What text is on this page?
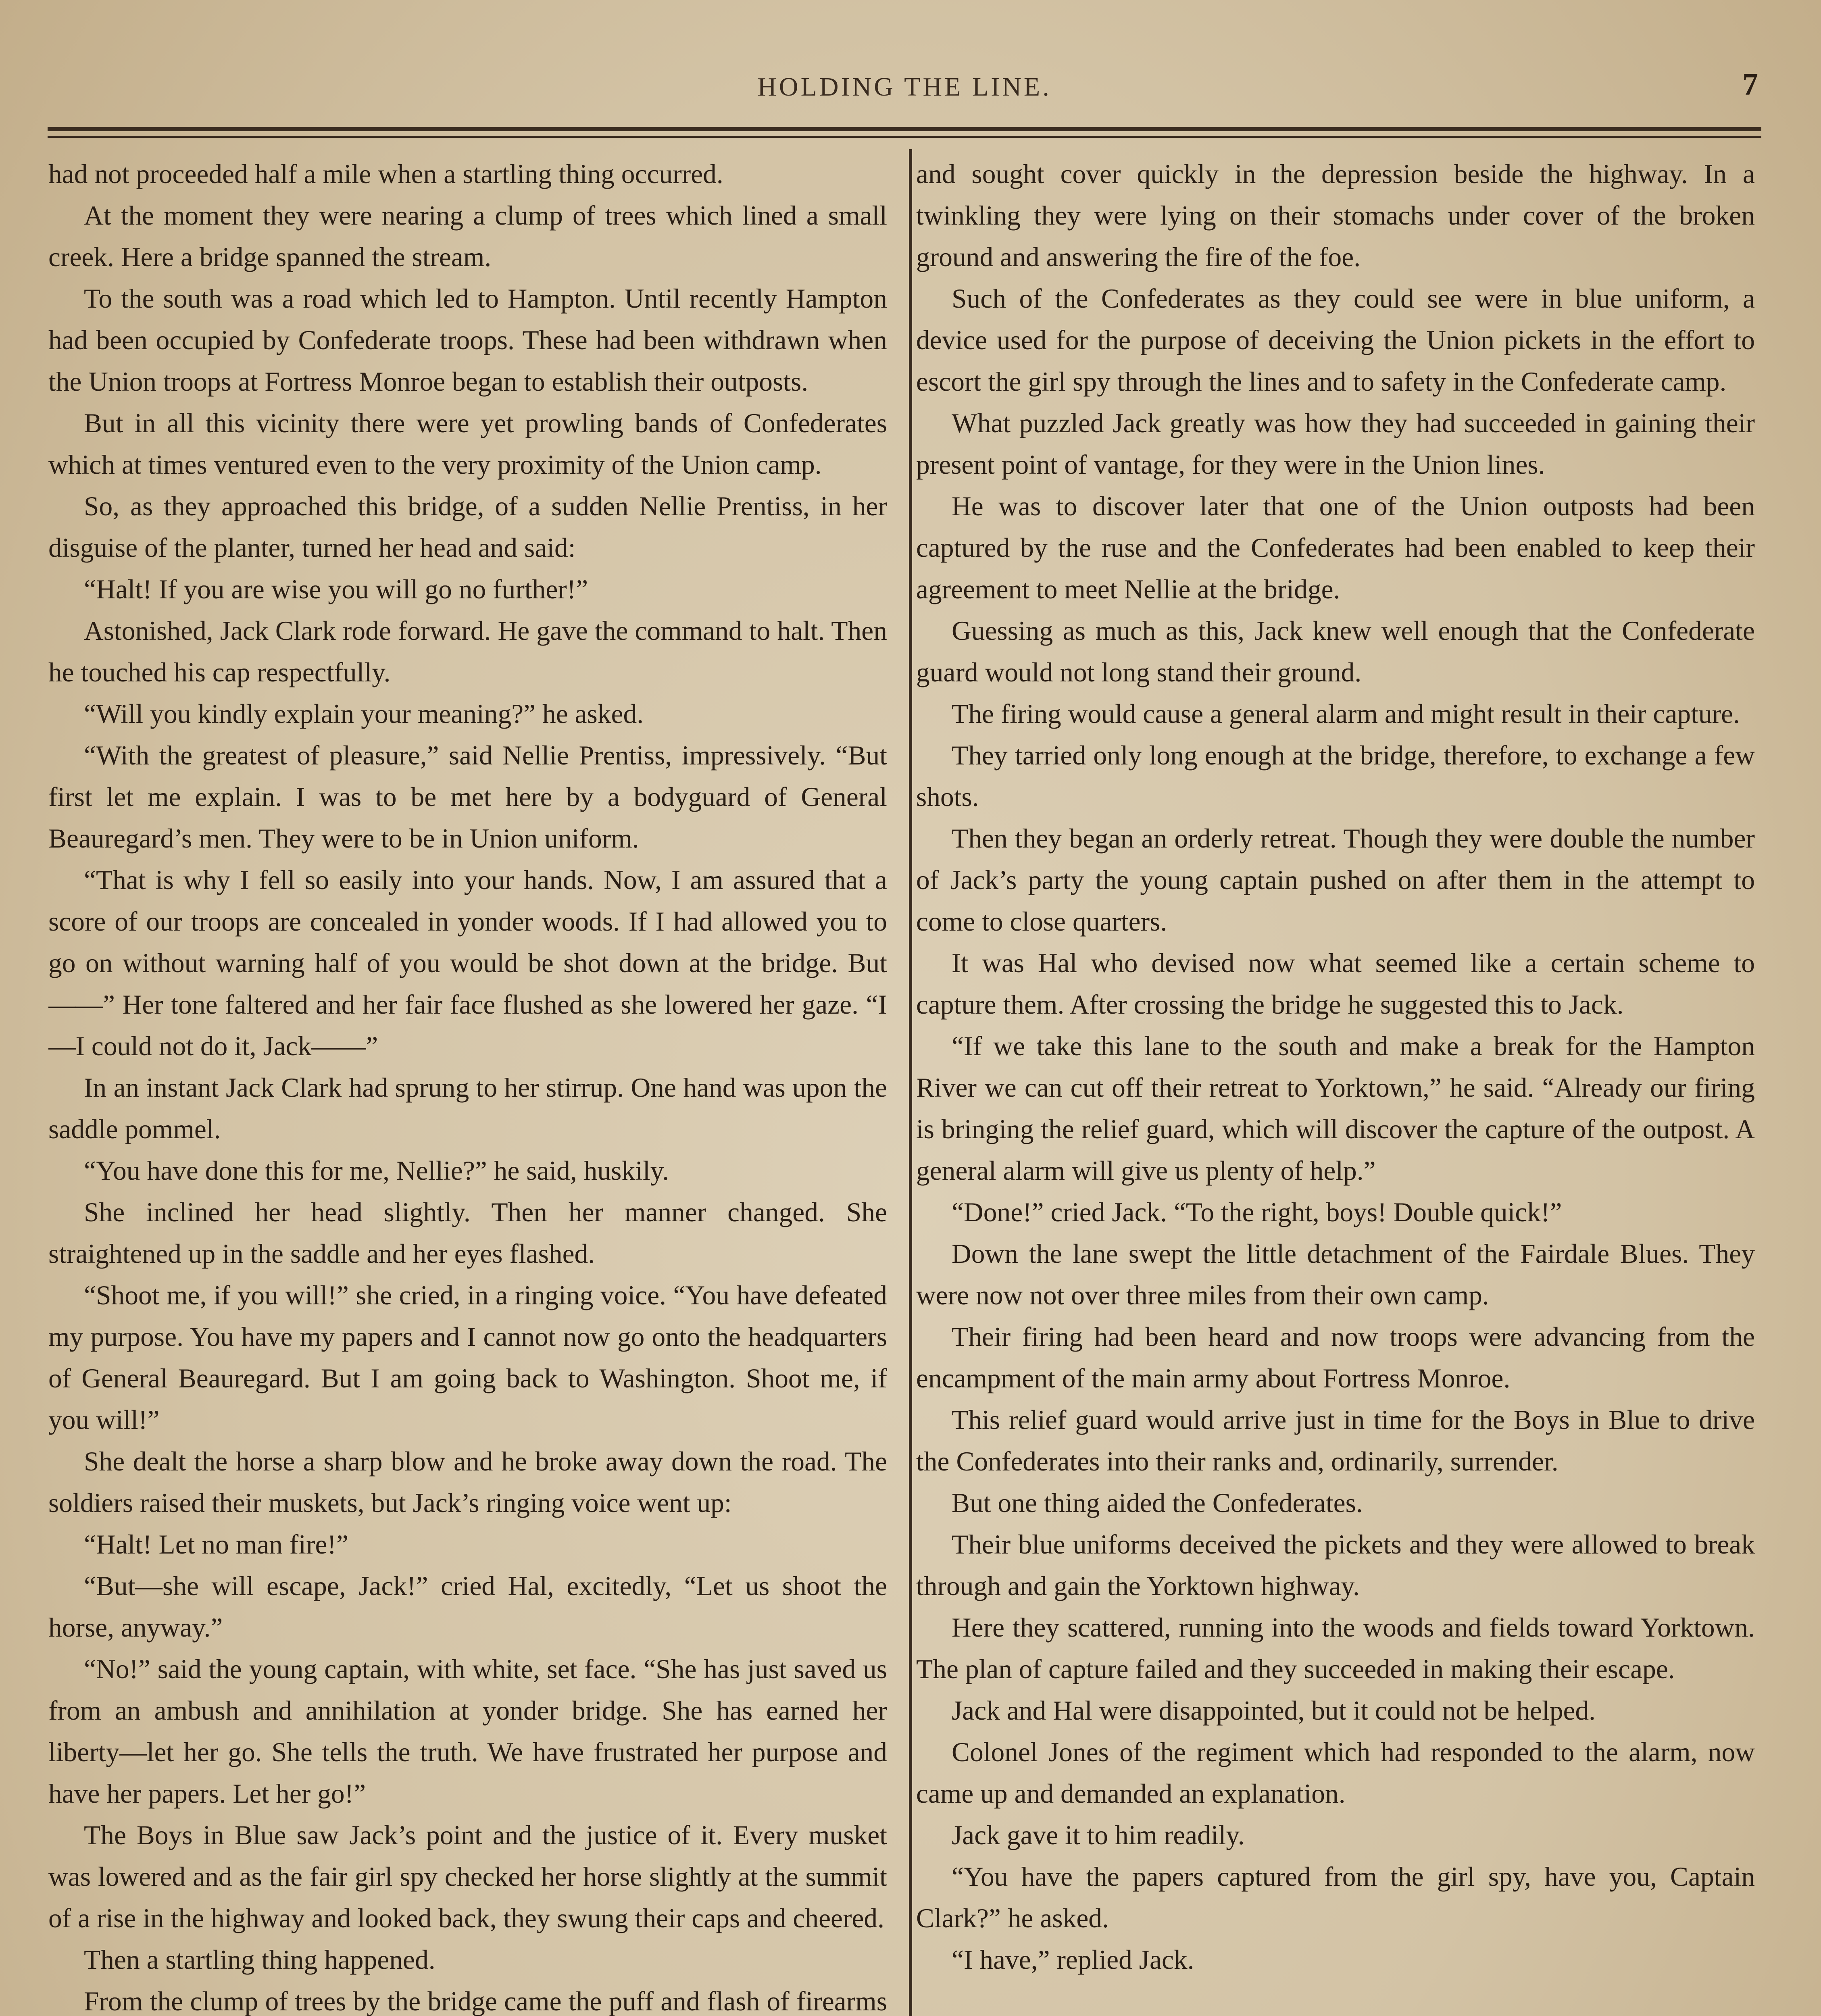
HOLDING THE LINE.	7

had not proceeded half a mile when a startling thing occurred.

At the moment they were nearing a clump of trees which lined a small creek. Here a bridge spanned the stream.

To the south was a road which led to Hampton. Until recently Hampton had been occupied by Confederate troops. These had been withdrawn when the Union troops at Fortress Monroe began to establish their outposts.

But in all this vicinity there were yet prowling bands of Confederates which at times ventured even to the very proximity of the Union camp.

So, as they approached this bridge, of a sudden Nellie Prentiss, in her disguise of the planter, turned her head and said:

“Halt! If you are wise you will go no further!”

Astonished, Jack Clark rode forward. He gave the command to halt. Then he touched his cap respectfully.

“Will you kindly explain your meaning?” he asked.

“With the greatest of pleasure,” said Nellie Prentiss, impressively. “But first let me explain. I was to be met here by a bodyguard of General Beauregard’s men. They were to be in Union uniform.

“That is why I fell so easily into your hands. Now, I am assured that a score of our troops are concealed in yonder woods. If I had allowed you to go on without warning half of you would be shot down at the bridge. But——” Her tone faltered and her fair face flushed as she lowered her gaze. “I—I could not do it, Jack——”

In an instant Jack Clark had sprung to her stirrup. One hand was upon the saddle pommel.

“You have done this for me, Nellie?” he said, huskily.

She inclined her head slightly. Then her manner changed. She straightened up in the saddle and her eyes flashed.

“Shoot me, if you will!” she cried, in a ringing voice. “You have defeated my purpose. You have my papers and I cannot now go onto the headquarters of General Beauregard. But I am going back to Washington. Shoot me, if you will!”

She dealt the horse a sharp blow and he broke away down the road. The soldiers raised their muskets, but Jack’s ringing voice went up:

“Halt! Let no man fire!”

“But—she will escape, Jack!” cried Hal, excitedly, “Let us shoot the horse, anyway.”

“No!” said the young captain, with white, set face. “She has just saved us from an ambush and annihilation at yonder bridge. She has earned her liberty—let her go. She tells the truth. We have frustrated her purpose and have her papers. Let her go!”

The Boys in Blue saw Jack’s point and the justice of it. Every musket was lowered and as the fair girl spy checked her horse slightly at the summit of a rise in the highway and looked back, they swung their caps and cheered.

Then a startling thing happened.

From the clump of trees by the bridge came the puff and flash of firearms

and sought cover quickly in the depression beside the highway. In a twinkling they were lying on their stomachs under cover of the broken ground and answering the fire of the foe.

Such of the Confederates as they could see were in blue uniform, a device used for the purpose of deceiving the Union pickets in the effort to escort the girl spy through the lines and to safety in the Confederate camp.

What puzzled Jack greatly was how they had succeeded in gaining their present point of vantage, for they were in the Union lines.

He was to discover later that one of the Union outposts had been captured by the ruse and the Confederates had been enabled to keep their agreement to meet Nellie at the bridge.

Guessing as much as this, Jack knew well enough that the Confederate guard would not long stand their ground.

The firing would cause a general alarm and might result in their capture.

They tarried only long enough at the bridge, therefore, to exchange a few shots.

Then they began an orderly retreat. Though they were double the number of Jack’s party the young captain pushed on after them in the attempt to come to close quarters.

It was Hal who devised now what seemed like a certain scheme to capture them. After crossing the bridge he suggested this to Jack.

“If we take this lane to the south and make a break for the Hampton River we can cut off their retreat to Yorktown,” he said. “Already our firing is bringing the relief guard, which will discover the capture of the outpost. A general alarm will give us plenty of help.”

“Done!” cried Jack. “To the right, boys! Double quick!”

Down the lane swept the little detachment of the Fairdale Blues. They were now not over three miles from their own camp.

Their firing had been heard and now troops were advancing from the encampment of the main army about Fortress Monroe.

This relief guard would arrive just in time for the Boys in Blue to drive the Confederates into their ranks and, ordinarily, surrender.

But one thing aided the Confederates.

Their blue uniforms deceived the pickets and they were allowed to break through and gain the Yorktown highway.

Here they scattered, running into the woods and fields toward Yorktown. The plan of capture failed and they succeeded in making their escape.

Jack and Hal were disappointed, but it could not be helped.

Colonel Jones of the regiment which had responded to the alarm, now came up and demanded an explanation.

Jack gave it to him readily.

“You have the papers captured from the girl spy, have you, Captain Clark?” he asked.

“I have,” replied Jack.
